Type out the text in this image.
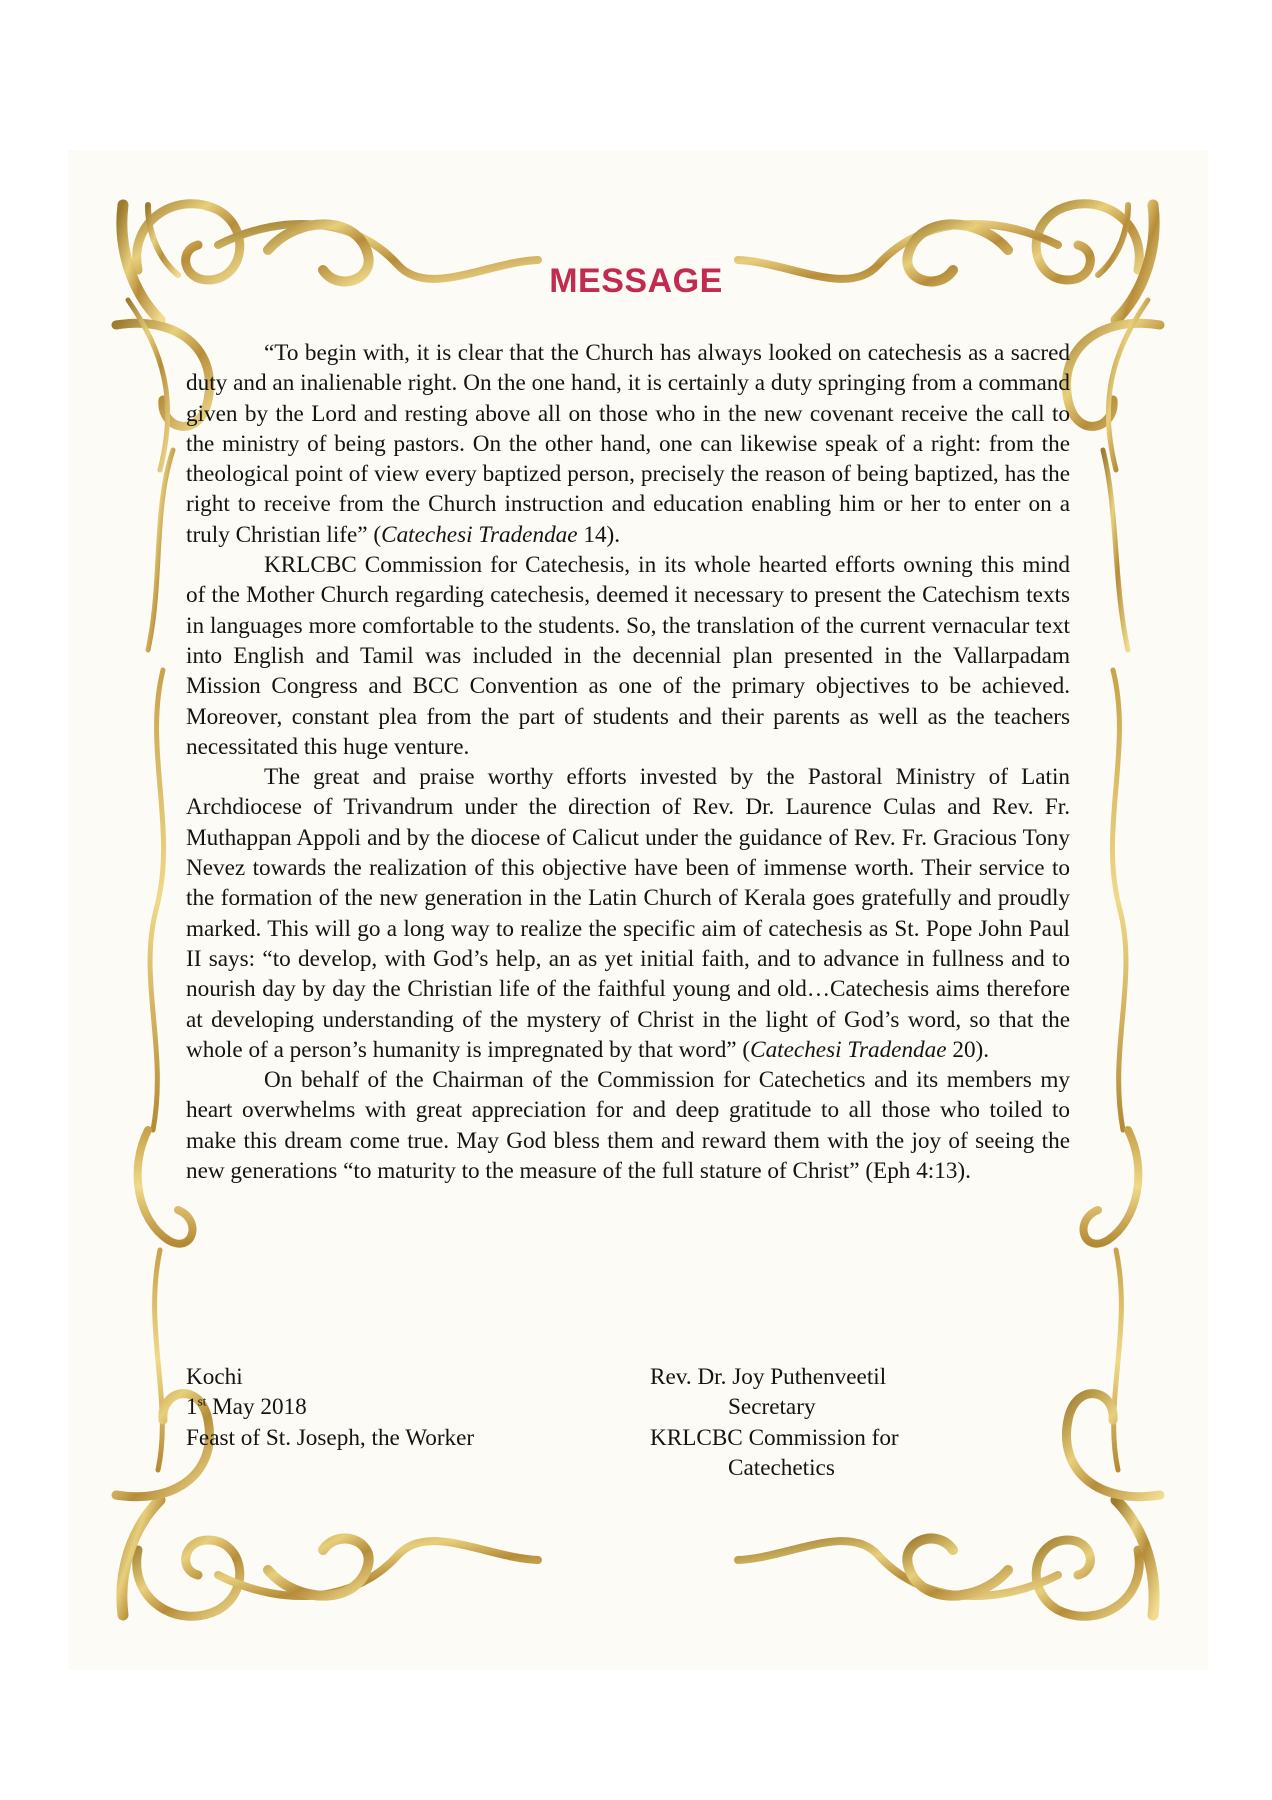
MESSAGE

“To begin with, it is clear that the Church has always looked on catechesis as a sacred duty and an inalienable right. On the one hand, it is certainly a duty springing from a command given by the Lord and resting above all on those who in the new covenant receive the call to the ministry of being pastors. On the other hand, one can likewise speak of a right: from the theological point of view every baptized person, precisely the reason of being baptized, has the right to receive from the Church instruction and education enabling him or her to enter on a truly Christian life” (Catechesi Tradendae 14).

KRLCBC Commission for Catechesis, in its whole hearted efforts owning this mind of the Mother Church regarding catechesis, deemed it necessary to present the Catechism texts in languages more comfortable to the students. So, the translation of the current vernacular text into English and Tamil was included in the decennial plan presented in the Vallarpadam Mission Congress and BCC Convention as one of the primary objectives to be achieved. Moreover, constant plea from the part of students and their parents as well as the teachers necessitated this huge venture.

The great and praise worthy efforts invested by the Pastoral Ministry of Latin Archdiocese of Trivandrum under the direction of Rev. Dr. Laurence Culas and Rev. Fr. Muthappan Appoli and by the diocese of Calicut under the guidance of Rev. Fr. Gracious Tony Nevez towards the realization of this objective have been of immense worth. Their service to the formation of the new generation in the Latin Church of Kerala goes gratefully and proudly marked. This will go a long way to realize the specific aim of catechesis as St. Pope John Paul II says: “to develop, with God’s help, an as yet initial faith, and to advance in fullness and to nourish day by day the Christian life of the faithful young and old…Catechesis aims therefore at developing understanding of the mystery of Christ in the light of God’s word, so that the whole of a person’s humanity is impregnated by that word” (Catechesi Tradendae 20).

On behalf of the Chairman of the Commission for Catechetics and its members my heart overwhelms with great appreciation for and deep gratitude to all those who toiled to make this dream come true. May God bless them and reward them with the joy of seeing the new generations “to maturity to the measure of the full stature of Christ” (Eph 4:13).

Kochi
1st May 2018
Feast of St. Joseph, the Worker
Rev. Dr. Joy Puthenveetil
Secretary
KRLCBC Commission for
Catechetics
